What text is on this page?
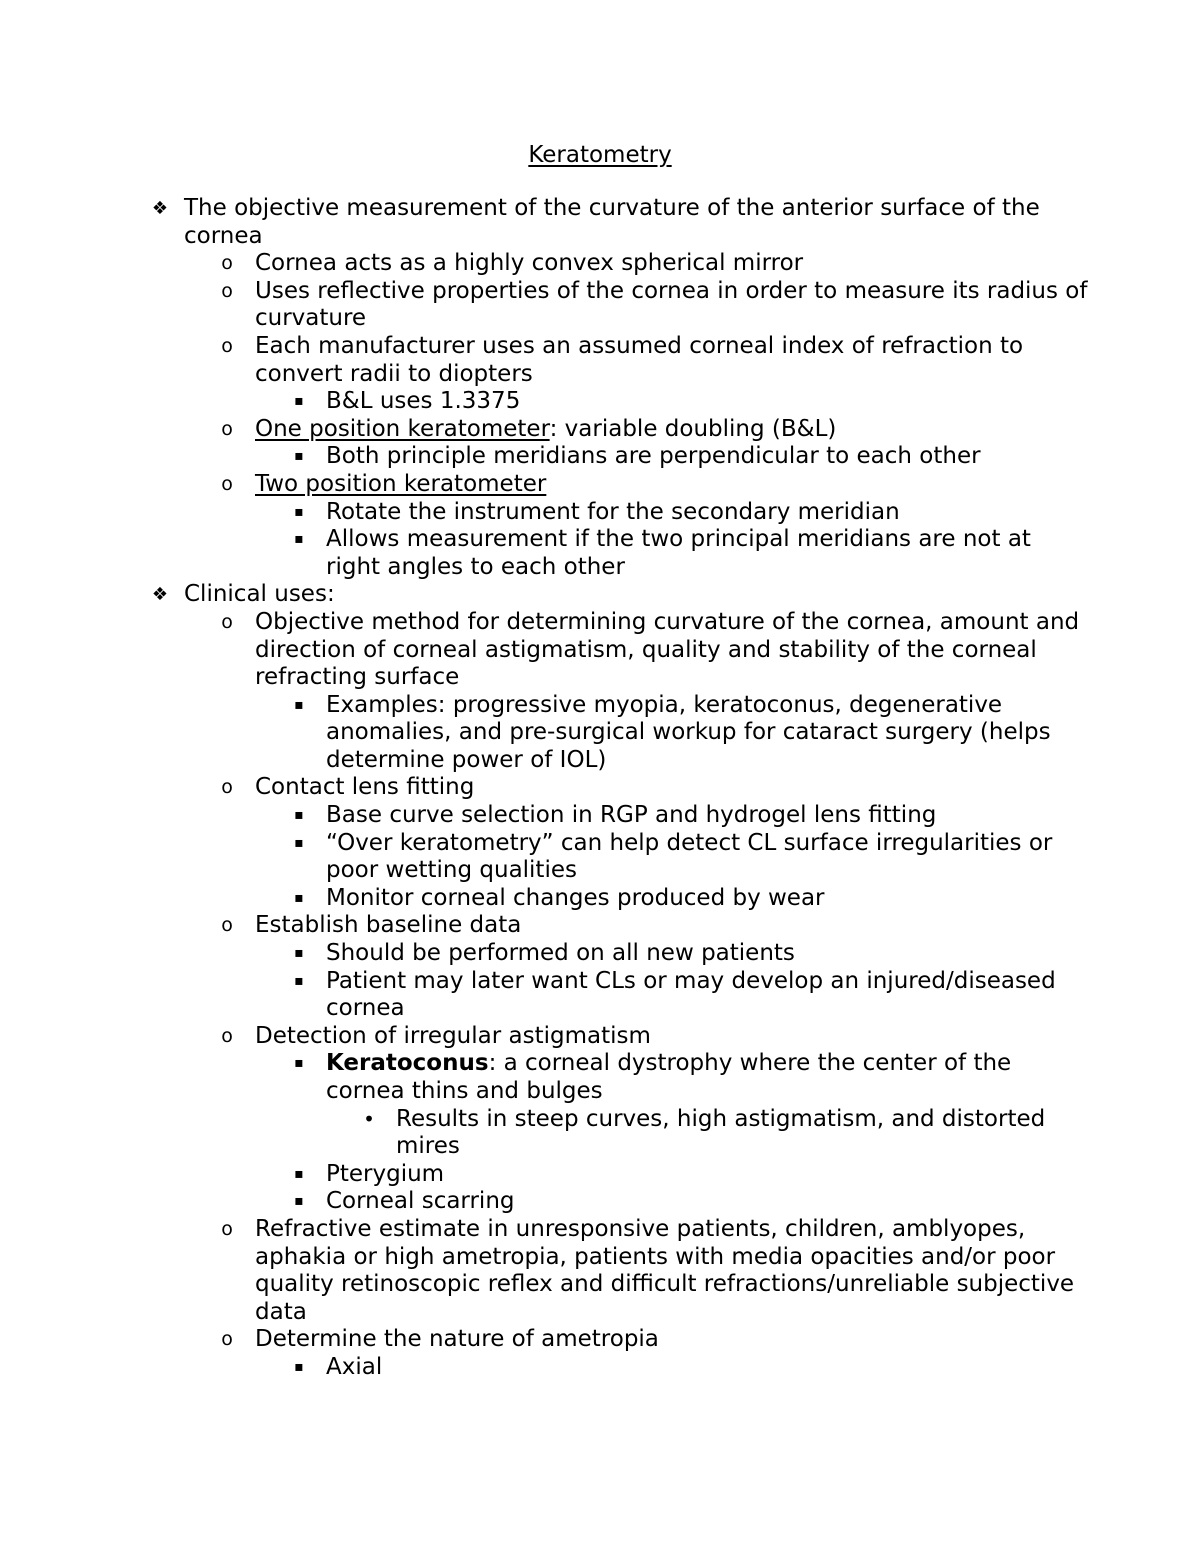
Keratometry
❖ The objective measurement of the curvature of the anterior surface of the cornea
o Cornea acts as a highly convex spherical mirror
o Uses reflective properties of the cornea in order to measure its radius of curvature
o Each manufacturer uses an assumed corneal index of refraction to convert radii to diopters
▪ B&L uses 1.3375
o One position keratometer: variable doubling (B&L)
▪ Both principle meridians are perpendicular to each other
o Two position keratometer
▪ Rotate the instrument for the secondary meridian
▪ Allows measurement if the two principal meridians are not at right angles to each other
❖ Clinical uses:
o Objective method for determining curvature of the cornea, amount and direction of corneal astigmatism, quality and stability of the corneal refracting surface
▪ Examples: progressive myopia, keratoconus, degenerative anomalies, and pre-surgical workup for cataract surgery (helps determine power of IOL)
o Contact lens fitting
▪ Base curve selection in RGP and hydrogel lens fitting
▪ “Over keratometry” can help detect CL surface irregularities or poor wetting qualities
▪ Monitor corneal changes produced by wear
o Establish baseline data
▪ Should be performed on all new patients
▪ Patient may later want CLs or may develop an injured/diseased cornea
o Detection of irregular astigmatism
▪ Keratoconus: a corneal dystrophy where the center of the cornea thins and bulges
• Results in steep curves, high astigmatism, and distorted mires
▪ Pterygium
▪ Corneal scarring
o Refractive estimate in unresponsive patients, children, amblyopes, aphakia or high ametropia, patients with media opacities and/or poor quality retinoscopic reflex and difficult refractions/unreliable subjective data
o Determine the nature of ametropia
▪ Axial
